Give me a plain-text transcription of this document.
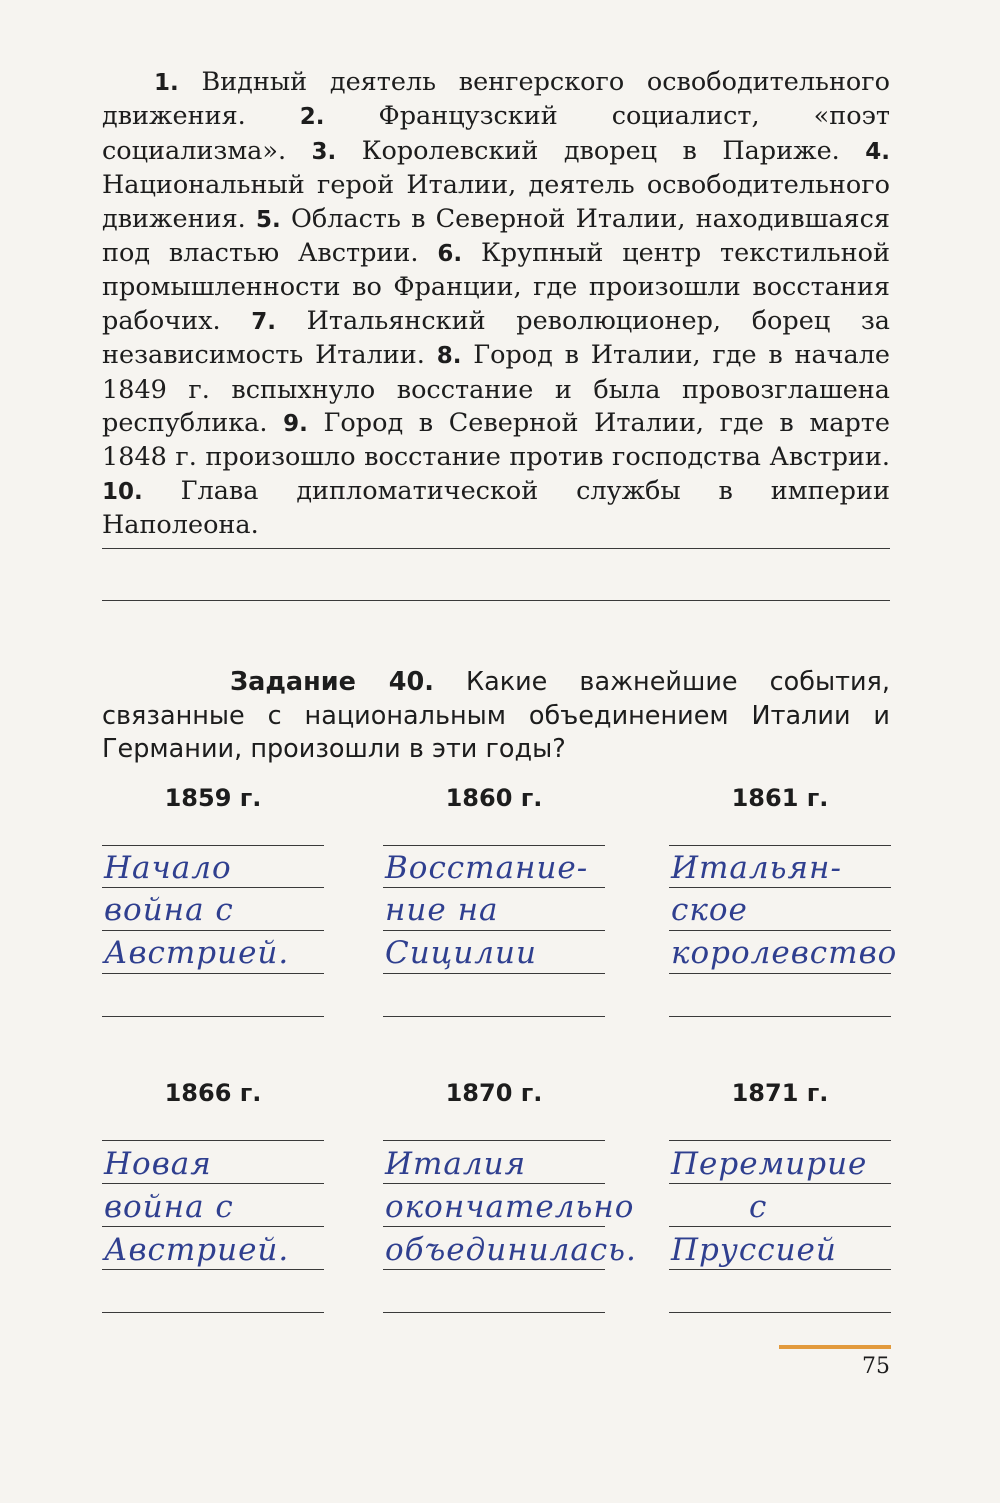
1. Видный деятель венгерского освободительного движения. 2. Французский социалист, «поэт социализма». 3. Королевский дворец в Париже. 4. Национальный герой Италии, деятель освободительного движения. 5. Область в Северной Италии, находившаяся под властью Австрии. 6. Крупный центр текстильной промышленности во Франции, где произошли восстания рабочих. 7. Итальянский революционер, борец за независимость Италии. 8. Город в Италии, где в начале 1849 г. вспыхнуло восстание и была провозглашена республика. 9. Город в Северной Италии, где в марте 1848 г. произошло восстание против господства Австрии. 10. Глава дипломатической службы в империи Наполеона.
Задание 40. Какие важнейшие события, связанные с национальным объединением Италии и Германии, произошли в эти годы?
1859 г.
Начало
война с
Австрией.
1860 г.
Восстание-
ние на
Сицилии
1861 г.
Итальян-
ское
королевство
1866 г.
Новая
война с
Австрией.
1870 г.
Италия
окончательно
объединилась.
1871 г.
Перемирие
с
Пруссией
75
